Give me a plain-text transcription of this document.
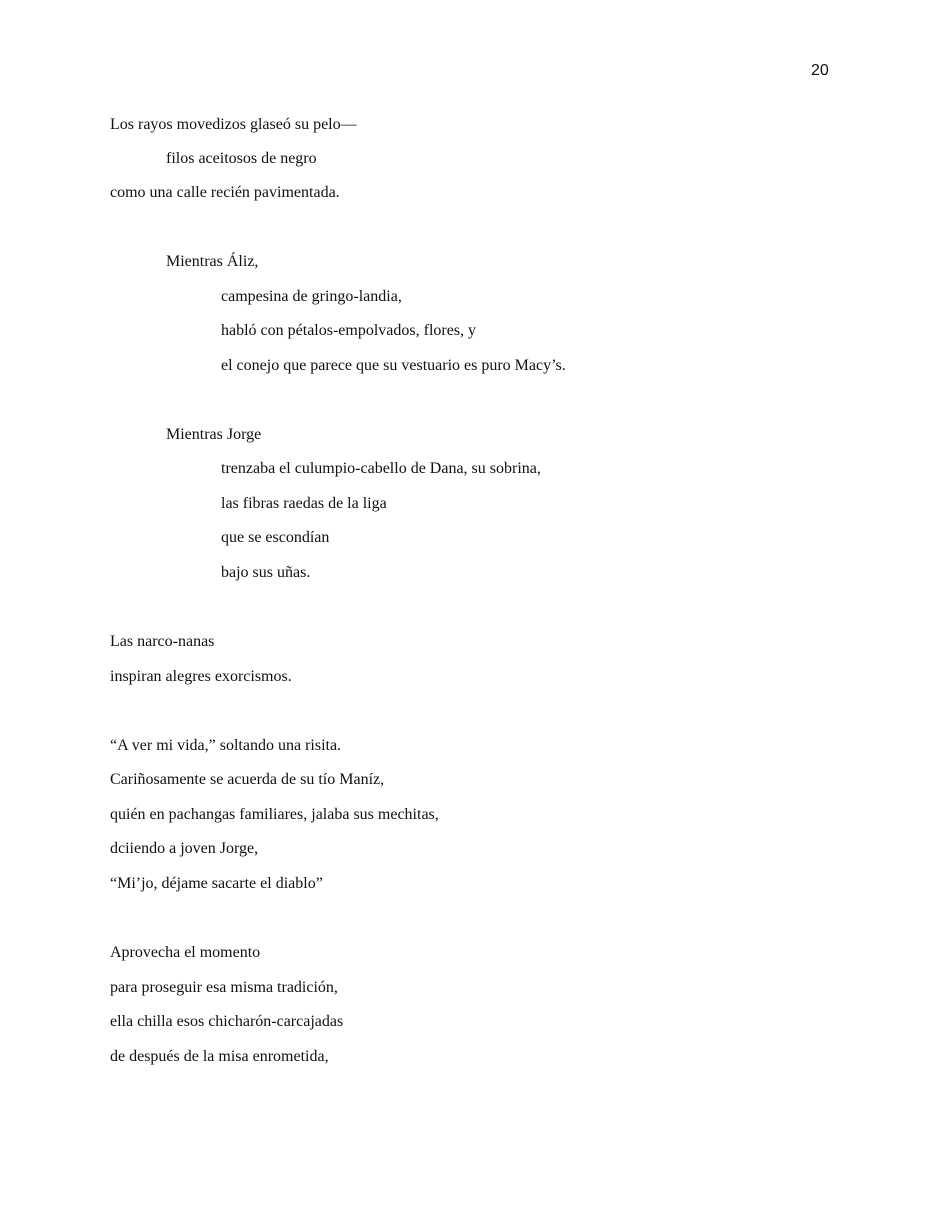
20
Los rayos movedizos glaseó su pelo—
filos aceitosos de negro
como una calle recién pavimentada.
Mientras Áliz,
campesina de gringo-landia,
habló con pétalos-empolvados, flores, y
el conejo que parece que su vestuario es puro Macy’s.
Mientras Jorge
trenzaba el culumpio-cabello de Dana, su sobrina,
las fibras raedas de la liga
que se escondían
bajo sus uñas.
Las narco-nanas
inspiran alegres exorcismos.
“A ver mi vida,” soltando una risita.
Cariñosamente se acuerda de su tío Maníz,
quién en pachangas familiares, jalaba sus mechitas,
dciiendo a joven Jorge,
“Mi’jo, déjame sacarte el diablo”
Aprovecha el momento
para proseguir esa misma tradición,
ella chilla esos chicharón-carcajadas
de después de la misa enrometida,
